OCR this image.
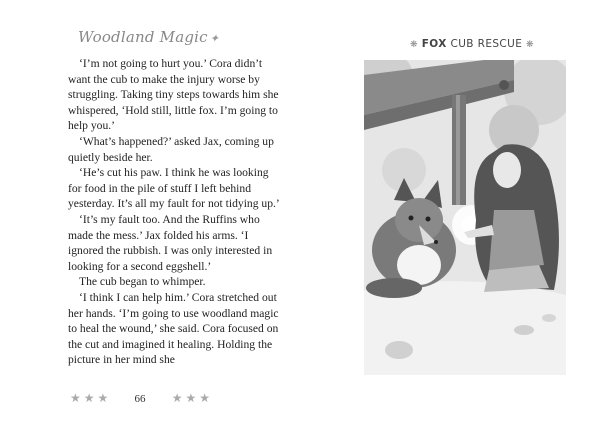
Woodland Magic ✦

‘I’m not going to hurt you.’ Cora didn’t want the cub to make the injury worse by struggling. Taking tiny steps towards him she whispered, ‘Hold still, little fox. I’m going to help you.’

‘What’s happened?’ asked Jax, coming up quietly beside her.

‘He’s cut his paw. I think he was looking for food in the pile of stuff I left behind yesterday. It’s all my fault for not tidying up.’

‘It’s my fault too. And the Ruffins who made the mess.’ Jax folded his arms. ‘I ignored the rubbish. I was only interested in looking for a second eggshell.’

The cub began to whimper.

‘I think I can help him.’ Cora stretched out her hands. ‘I’m going to use woodland magic to heal the wound,’ she said. Cora focused on the cut and imagined it healing. Holding the picture in her mind she

★ ★ ★ 66 ★ ★ ★
❋ FOX CUB RESCUE ❋
